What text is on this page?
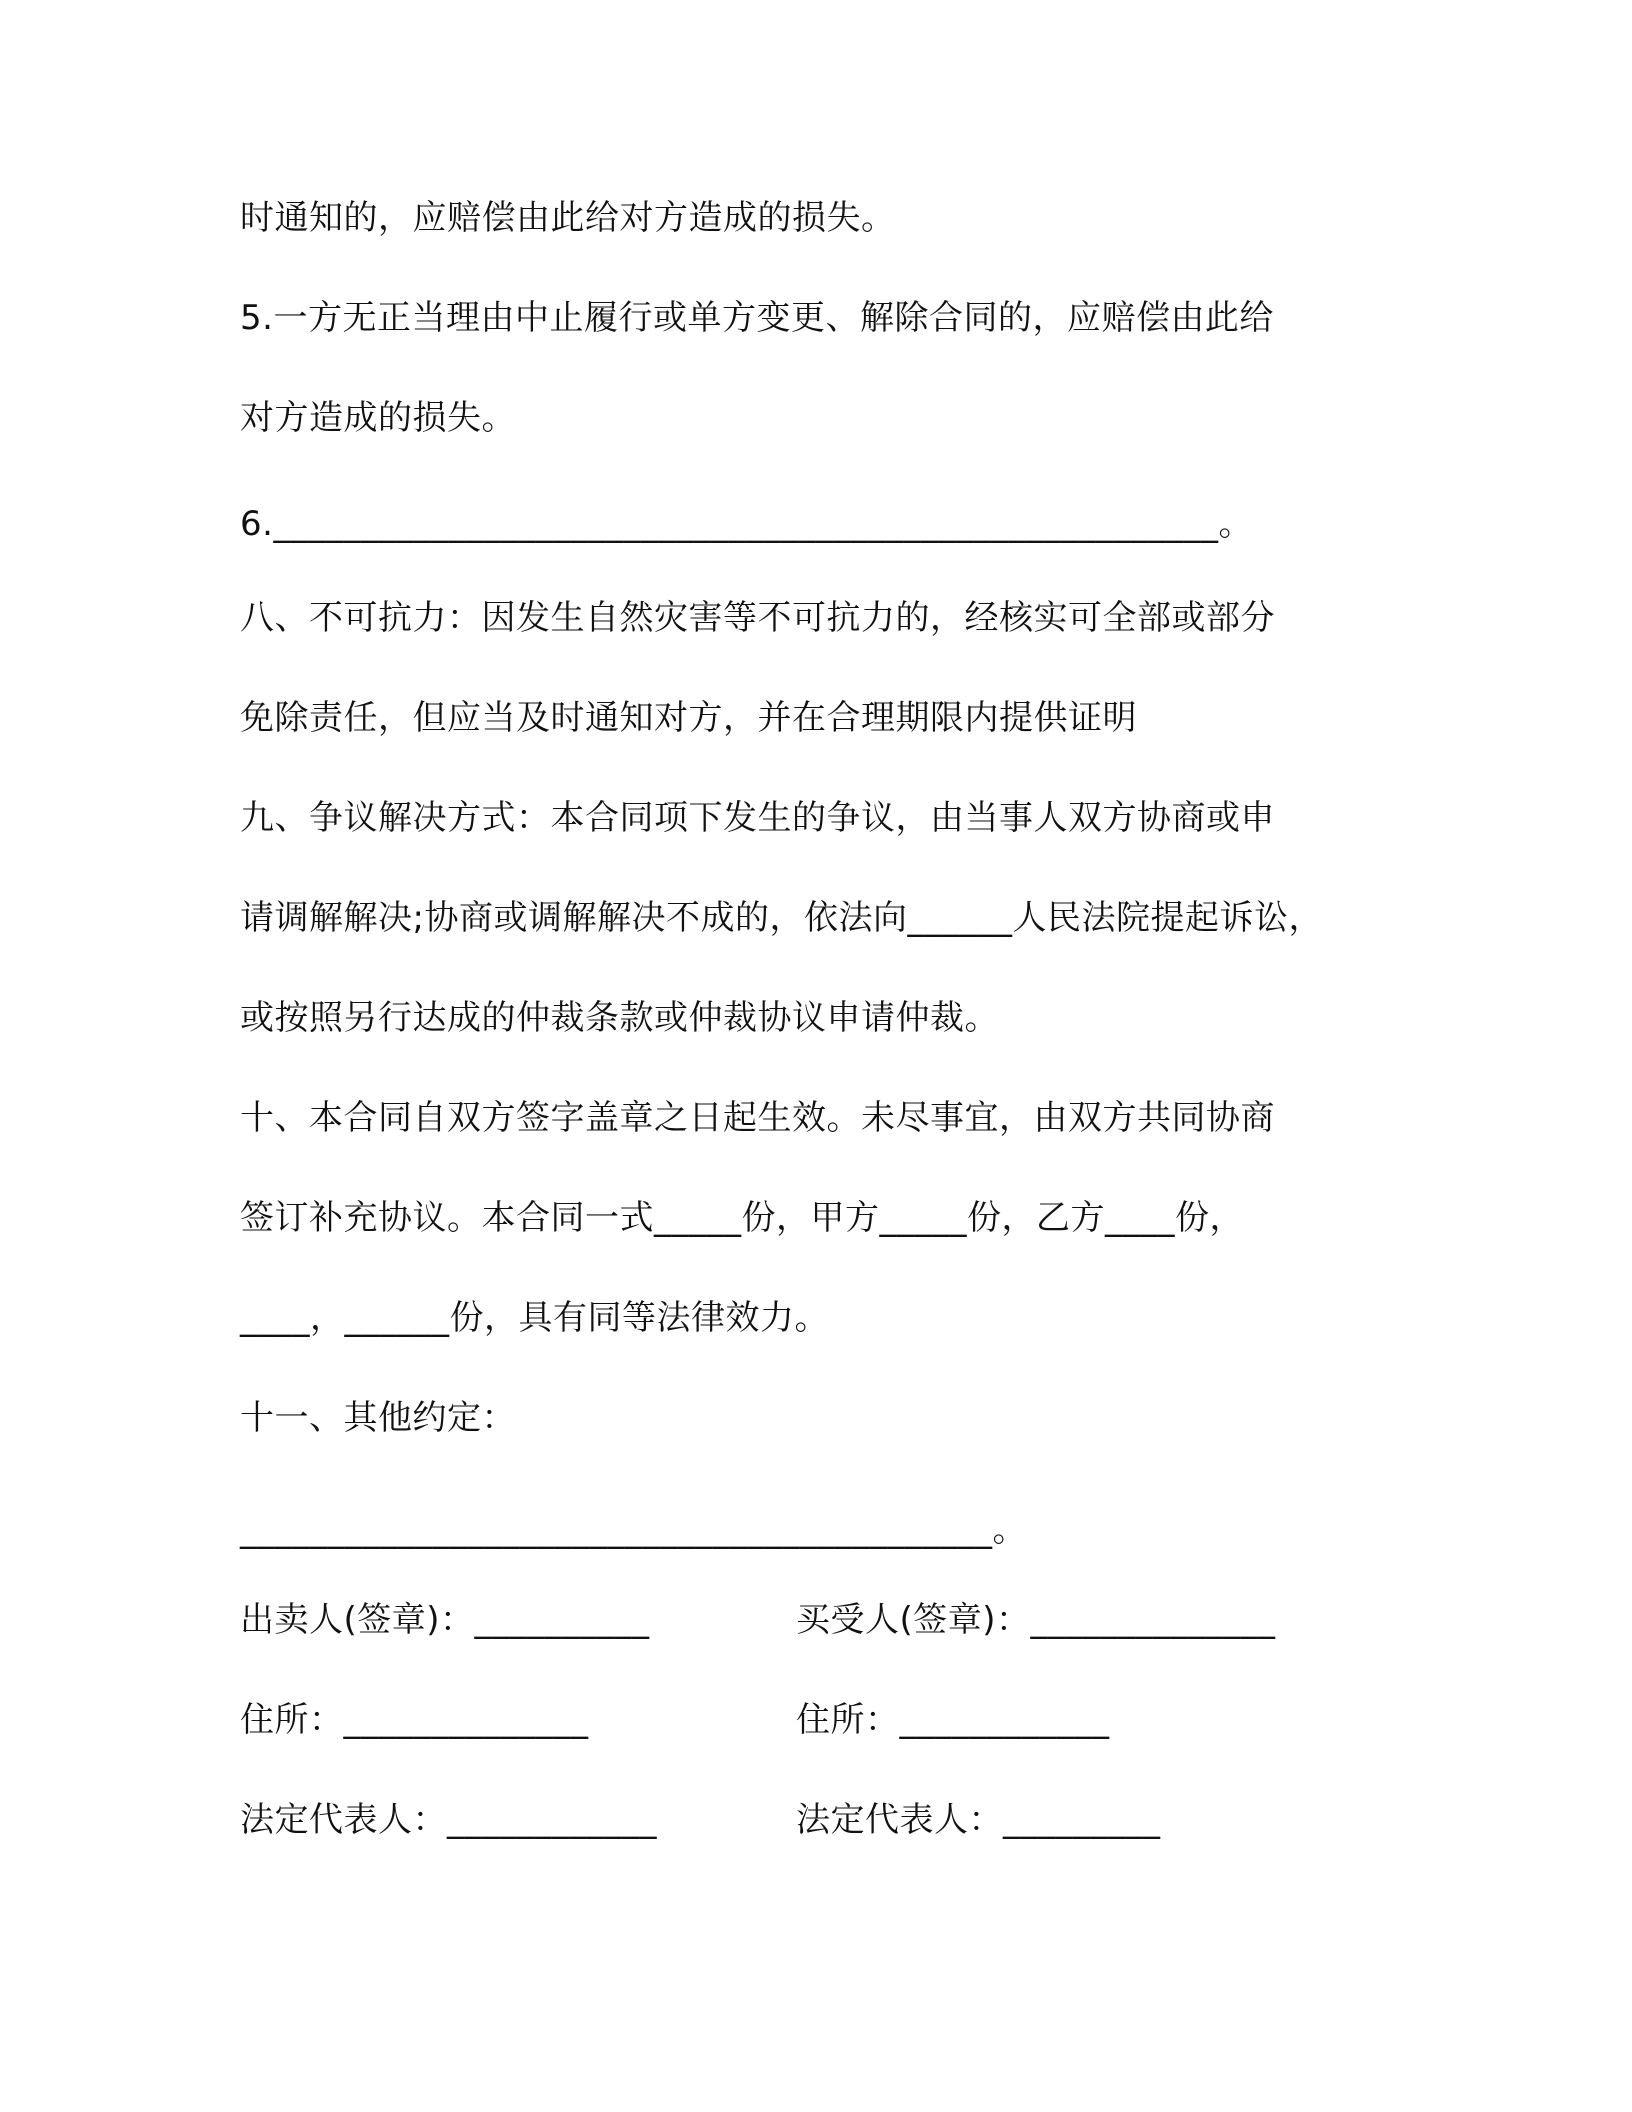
时通知的，应赔偿由此给对方造成的损失。
5.一方无正当理由中止履行或单方变更、解除合同的，应赔偿由此给
对方造成的损失。
6.______________________________________________________。
八、不可抗力：因发生自然灾害等不可抗力的，经核实可全部或部分
免除责任，但应当及时通知对方，并在合理期限内提供证明
九、争议解决方式：本合同项下发生的争议，由当事人双方协商或申
请调解解决;协商或调解解决不成的，依法向______人民法院提起诉讼，
或按照另行达成的仲裁条款或仲裁协议申请仲裁。
十、本合同自双方签字盖章之日起生效。未尽事宜，由双方共同协商
签订补充协议。本合同一式_____份，甲方_____份，乙方____份，
____，______份，具有同等法律效力。
十一、其他约定：
___________________________________________。
出卖人(签章)：__________	买受人(签章)：______________
住所：______________	住所：____________
法定代表人：____________	法定代表人：_________
